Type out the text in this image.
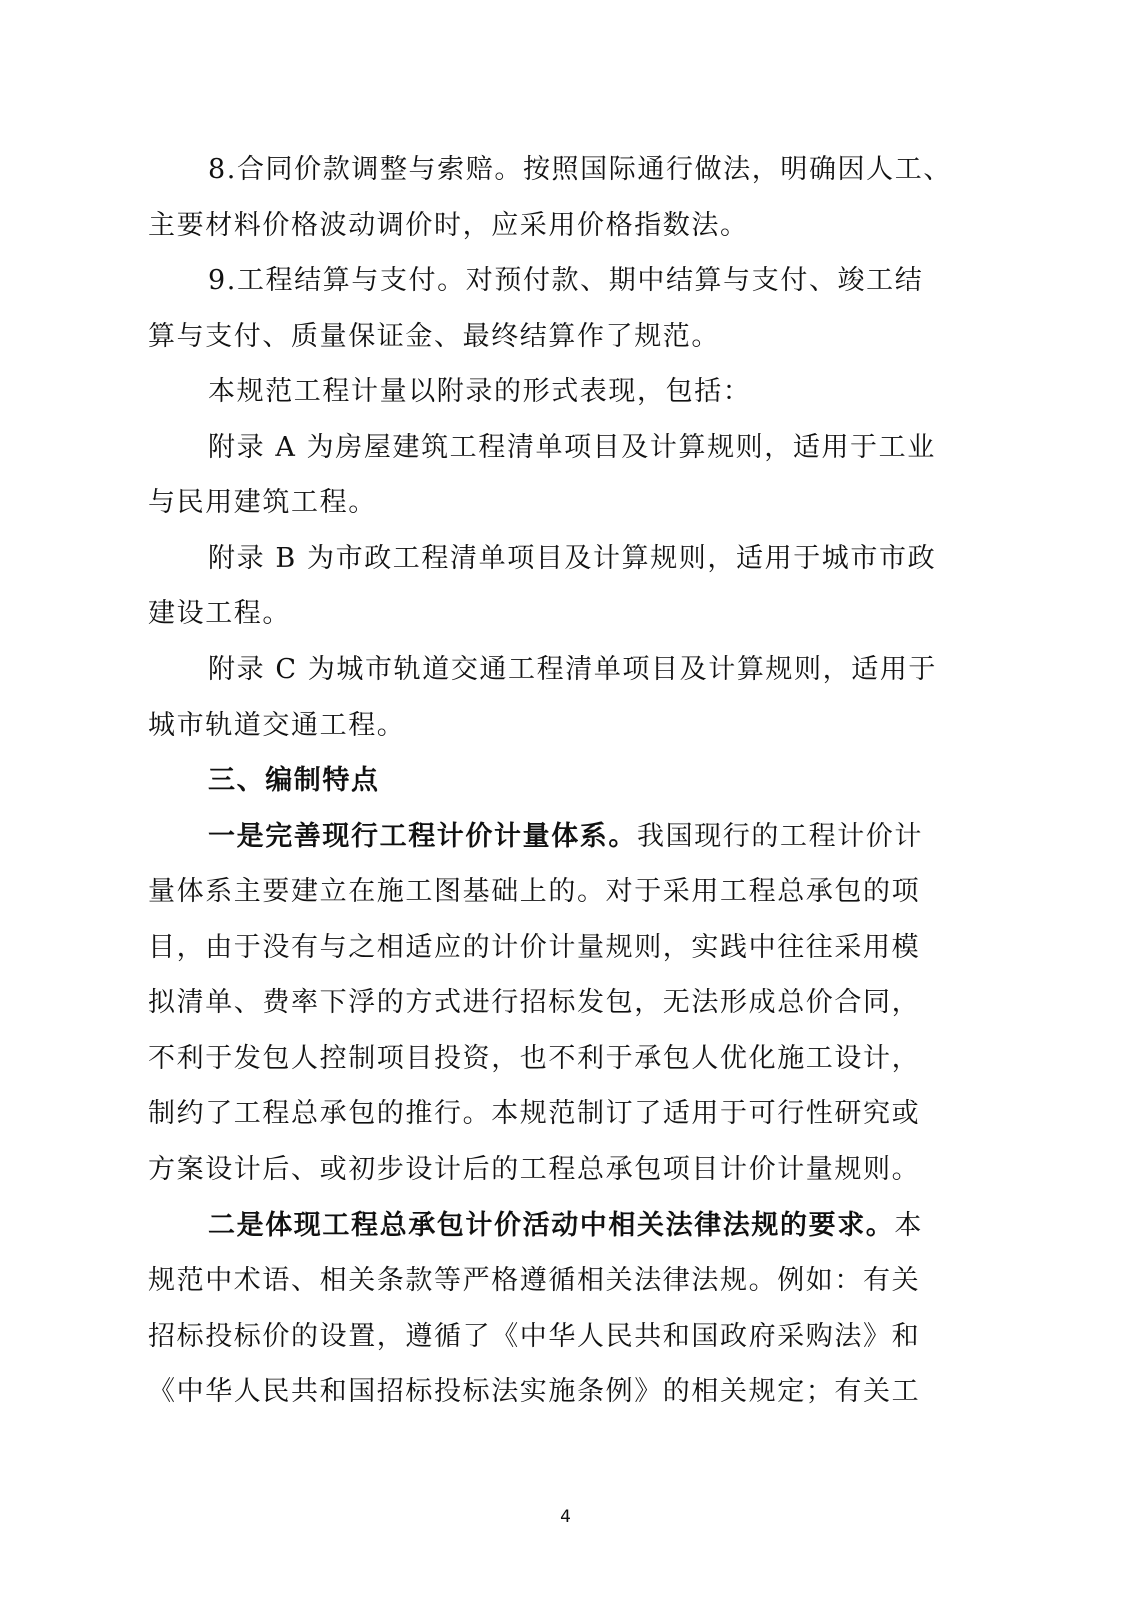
8.合同价款调整与索赔。按照国际通行做法，明确因人工、
主要材料价格波动调价时，应采用价格指数法。
9.工程结算与支付。对预付款、期中结算与支付、竣工结
算与支付、质量保证金、最终结算作了规范。
本规范工程计量以附录的形式表现，包括：
附录 A 为房屋建筑工程清单项目及计算规则，适用于工业
与民用建筑工程。
附录 B 为市政工程清单项目及计算规则，适用于城市市政
建设工程。
附录 C 为城市轨道交通工程清单项目及计算规则，适用于
城市轨道交通工程。
三、编制特点
一是完善现行工程计价计量体系。我国现行的工程计价计
量体系主要建立在施工图基础上的。对于采用工程总承包的项
目，由于没有与之相适应的计价计量规则，实践中往往采用模
拟清单、费率下浮的方式进行招标发包，无法形成总价合同，
不利于发包人控制项目投资，也不利于承包人优化施工设计，
制约了工程总承包的推行。本规范制订了适用于可行性研究或
方案设计后、或初步设计后的工程总承包项目计价计量规则。
二是体现工程总承包计价活动中相关法律法规的要求。本
规范中术语、相关条款等严格遵循相关法律法规。例如：有关
招标投标价的设置，遵循了《中华人民共和国政府采购法》和
《中华人民共和国招标投标法实施条例》的相关规定；有关工
4
